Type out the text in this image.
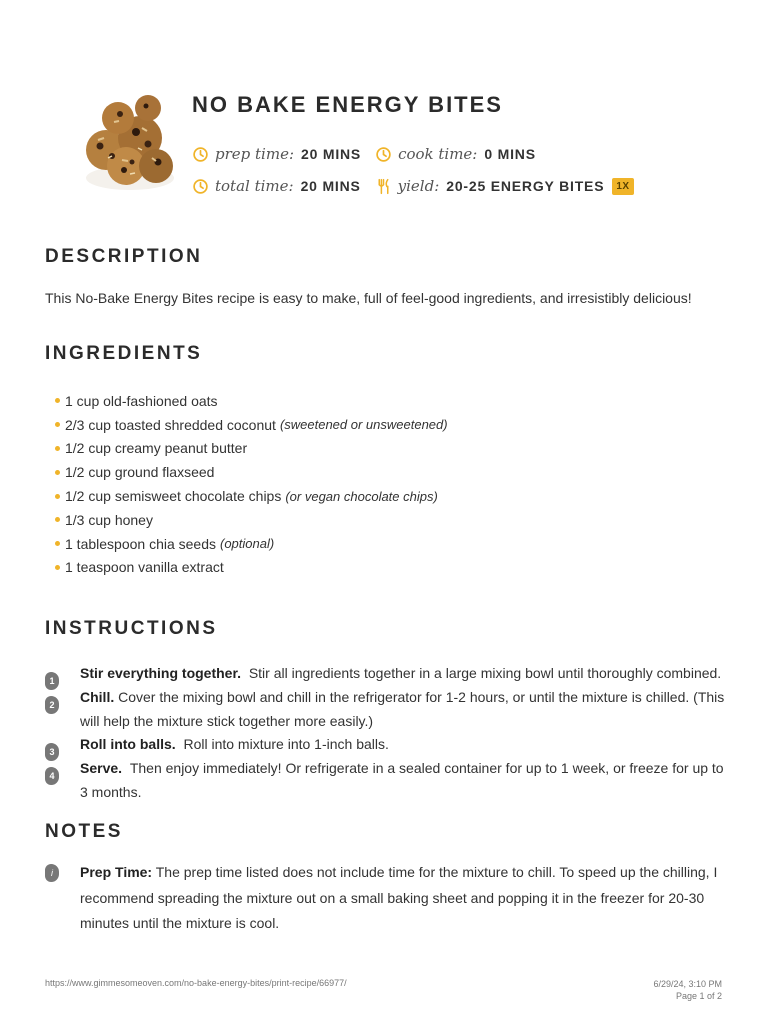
NO BAKE ENERGY BITES
prep time: 20 MINS cook time: 0 MINS
total time: 20 MINS yield: 20-25 ENERGY BITES	1X
DESCRIPTION
This No-Bake Energy Bites recipe is easy to make, full of feel-good ingredients, and irresistibly delicious!
INGREDIENTS
1 cup old-fashioned oats
2/3 cup toasted shredded coconut (sweetened or unsweetened)
1/2 cup creamy peanut butter
1/2 cup ground flaxseed
1/2 cup semisweet chocolate chips (or vegan chocolate chips)
1/3 cup honey
1 tablespoon chia seeds (optional)
1 teaspoon vanilla extract
INSTRUCTIONS
1	Stir everything together. Stir all ingredients together in a large mixing bowl until thoroughly combined.
2	Chill. Cover the mixing bowl and chill in the refrigerator for 1-2 hours, or until the mixture is chilled. (This will help the mixture stick together more easily.)
3	Roll into balls. Roll into mixture into 1-inch balls.
4	Serve. Then enjoy immediately! Or refrigerate in a sealed container for up to 1 week, or freeze for up to 3 months.
NOTES
i	Prep Time: The prep time listed does not include time for the mixture to chill. To speed up the chilling, I recommend spreading the mixture out on a small baking sheet and popping it in the freezer for 20-30 minutes until the mixture is cool.
https://www.gimmesomeoven.com/no-bake-energy-bites/print-recipe/66977/	6/29/24, 3:10 PM
Page 1 of 2
